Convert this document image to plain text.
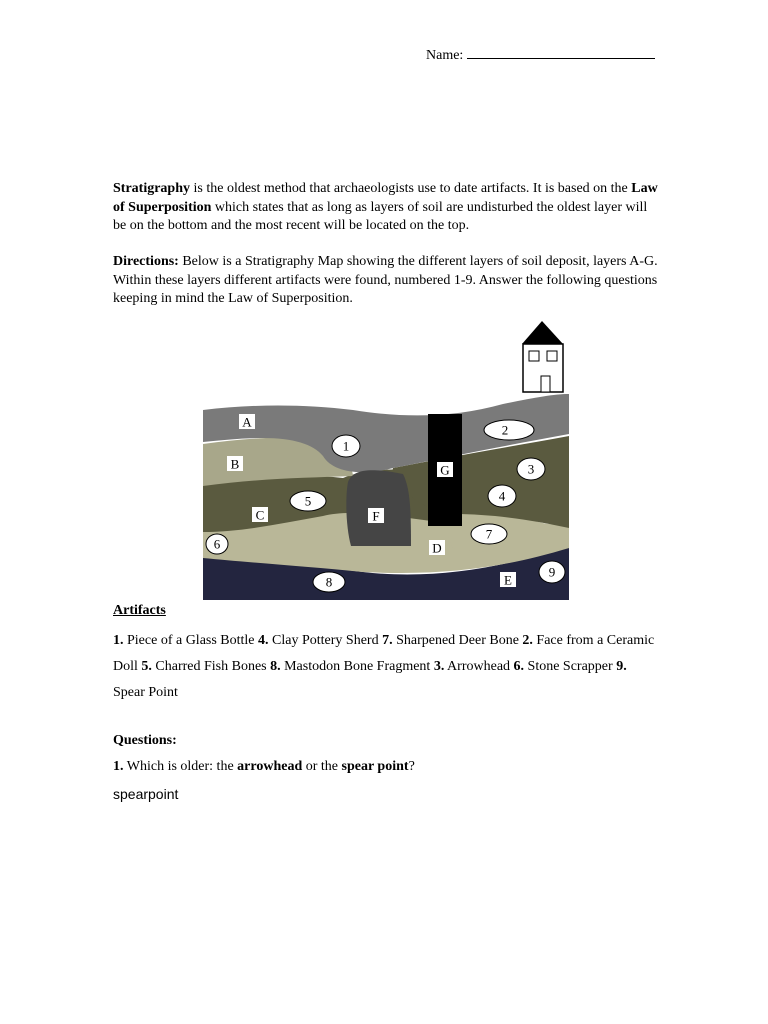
Name:
Stratigraphy is the oldest method that archaeologists use to date artifacts. It is based on the Law of Superposition which states that as long as layers of soil are undisturbed the oldest layer will be on the bottom and the most recent will be located on the top.
Directions: Below is a Stratigraphy Map showing the different layers of soil deposit, layers A-G. Within these layers different artifacts were found, numbered 1-9. Answer the following questions keeping in mind the Law of Superposition.
A
B
C
D
E
F
G
1
2
3
4
5
6
7
8
9
Artifacts
1. Piece of a Glass Bottle 4. Clay Pottery Sherd 7. Sharpened Deer Bone 2. Face from a Ceramic Doll 5. Charred Fish Bones 8. Mastodon Bone Fragment 3. Arrowhead 6. Stone Scrapper 9. Spear Point
Questions:
1. Which is older: the arrowhead or the spear point?
spearpoint
